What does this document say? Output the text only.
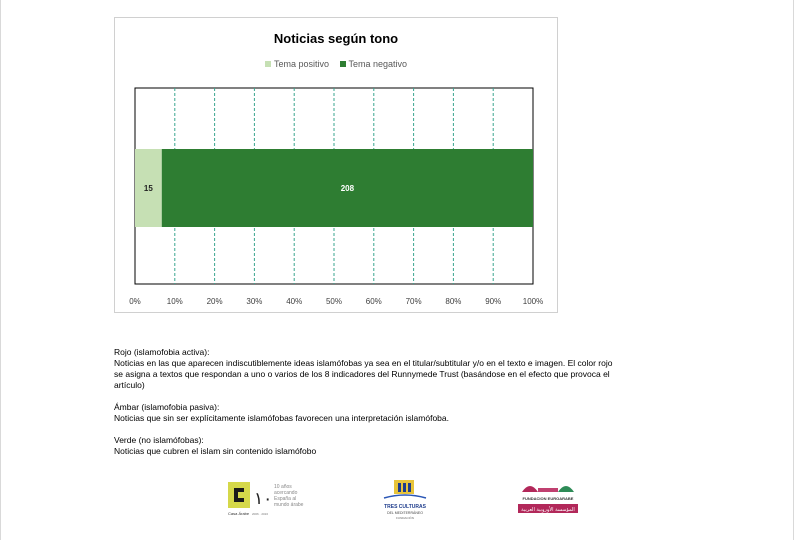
Noticias según tono
Tema positivo Tema negativo
15	208
0%	10%	20%	30%	40%	50%	60%	70%	80%	90%	100%
Rojo (islamofobia activa):
Noticias en las que aparecen indiscutiblemente ideas islamófobas ya sea en el titular/subtitular y/o en el texto e imagen. El color rojo
se asigna a textos que respondan a uno o varios de los 8 indicadores del Runnymede Trust (basándose en el efecto que provoca el
artículo)
Ámbar (islamofobia pasiva):
Noticias que sin ser explícitamente islamófobas favorecen una interpretación islamófoba.
Verde (no islamófobas):
Noticias que cubren el islam sin contenido islamófobo
Casa Árabe
١٠
10 años acercando España al mundo árabe
2006 · 2016
TRES CULTURAS
DEL MEDITERRÁNEO
FUNDACIÓN
FUNDACION EUROARABE
المؤسسة الأوروبية العربية
